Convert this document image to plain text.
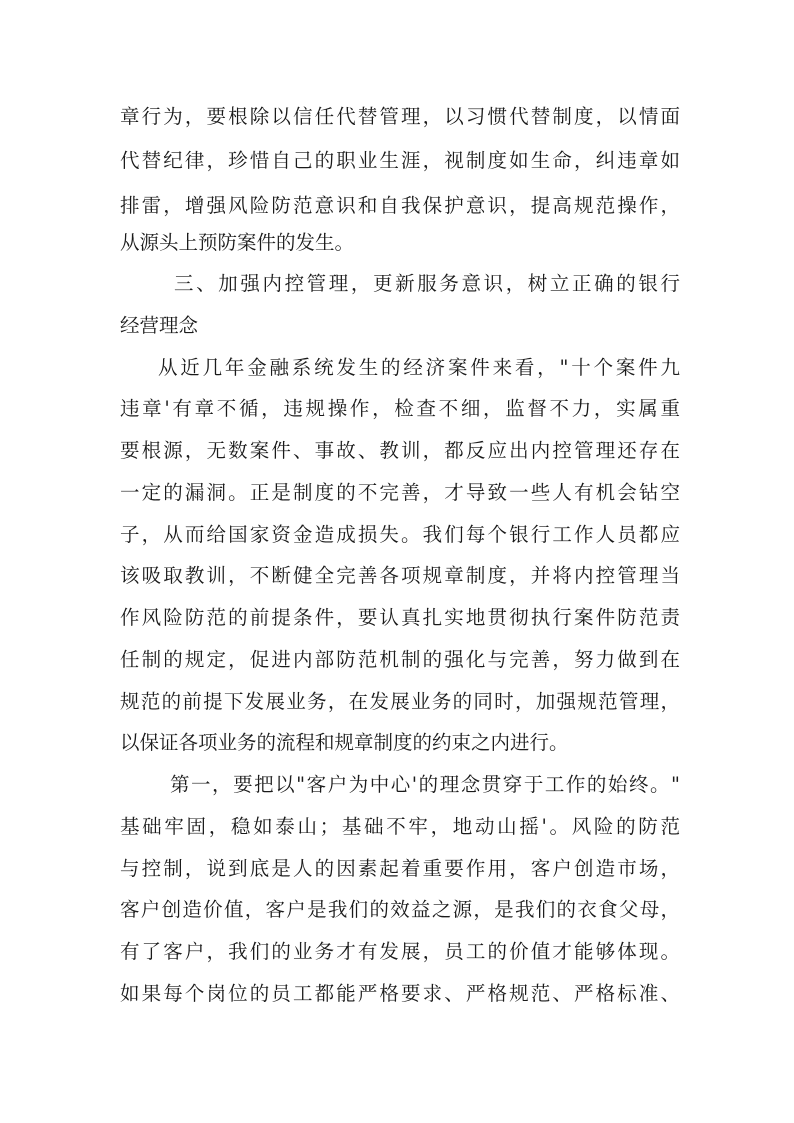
章行为，要根除以信任代替管理，以习惯代替制度，以情面
代替纪律，珍惜自己的职业生涯，视制度如生命，纠违章如
排雷，增强风险防范意识和自我保护意识，提高规范操作，
从源头上预防案件的发生。
三、加强内控管理，更新服务意识，树立正确的银行
经营理念
从近几年金融系统发生的经济案件来看，"十个案件九
违章'有章不循，违规操作，检查不细，监督不力，实属重
要根源，无数案件、事故、教训，都反应出内控管理还存在
一定的漏洞。正是制度的不完善，才导致一些人有机会钻空
子，从而给国家资金造成损失。我们每个银行工作人员都应
该吸取教训，不断健全完善各项规章制度，并将内控管理当
作风险防范的前提条件，要认真扎实地贯彻执行案件防范责
任制的规定，促进内部防范机制的强化与完善，努力做到在
规范的前提下发展业务，在发展业务的同时，加强规范管理，
以保证各项业务的流程和规章制度的约束之内进行。
第一，要把以"客户为中心'的理念贯穿于工作的始终。"
基础牢固，稳如泰山；基础不牢，地动山摇'。风险的防范
与控制，说到底是人的因素起着重要作用，客户创造市场，
客户创造价值，客户是我们的效益之源，是我们的衣食父母，
有了客户，我们的业务才有发展，员工的价值才能够体现。
如果每个岗位的员工都能严格要求、严格规范、严格标准、
